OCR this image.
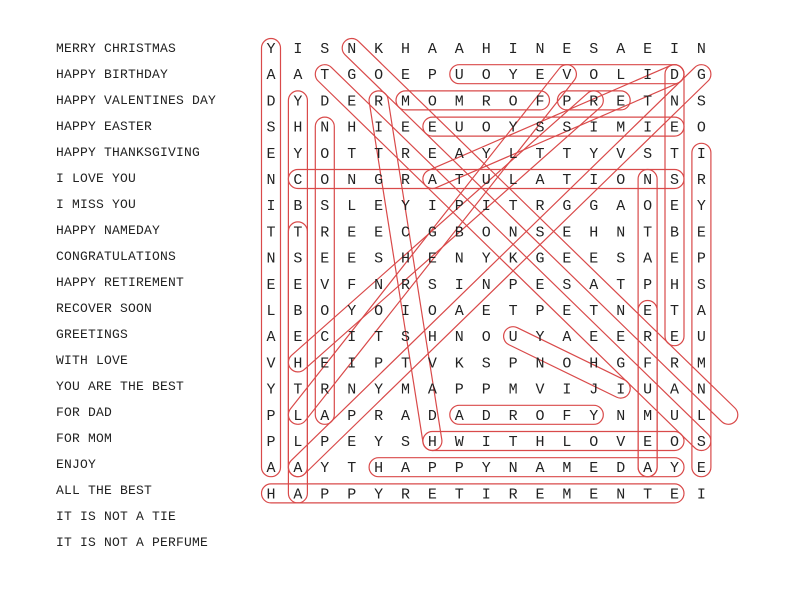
MERRY CHRISTMAS
HAPPY BIRTHDAY
HAPPY VALENTINES DAY
HAPPY EASTER
HAPPY THANKSGIVING
I LOVE YOU
I MISS YOU
HAPPY NAMEDAY
CONGRATULATIONS
HAPPY RETIREMENT
RECOVER SOON
GREETINGS
WITH LOVE
YOU ARE THE BEST
FOR DAD
FOR MOM
ENJOY
ALL THE BEST
IT IS NOT A TIE
IT IS NOT A PERFUME
Y I S N K H A A H I N E S A E I N
A A T G O E P U O Y E V O L I D G
D Y D E R M O M R O F P R E T N S
S H N H I E E U O Y S S I M I E O
E Y O T T R E A Y L T T Y V S T I
N C O N G R A T U L A T I O N S R
I B S L E Y I P I T R G G A O E Y
T T R E E C G B O N S E H N T B E
N S E E S H E N Y K G E E S A E P
E E V F N R S I N P E S A T P H S
L B O Y O I O A E T P E T N E T A
A E C I T S H N O U Y A E E R E U
V H E I P T V K S P N O H G F R M
Y T R N Y M A P P M V I J I U A N
P L A P R A D A D R O F Y N M U L
P L P E Y S H W I T H L O V E O S
A A Y T H A P P Y N A M E D A Y E
H A P P Y R E T I R E M E N T E I
